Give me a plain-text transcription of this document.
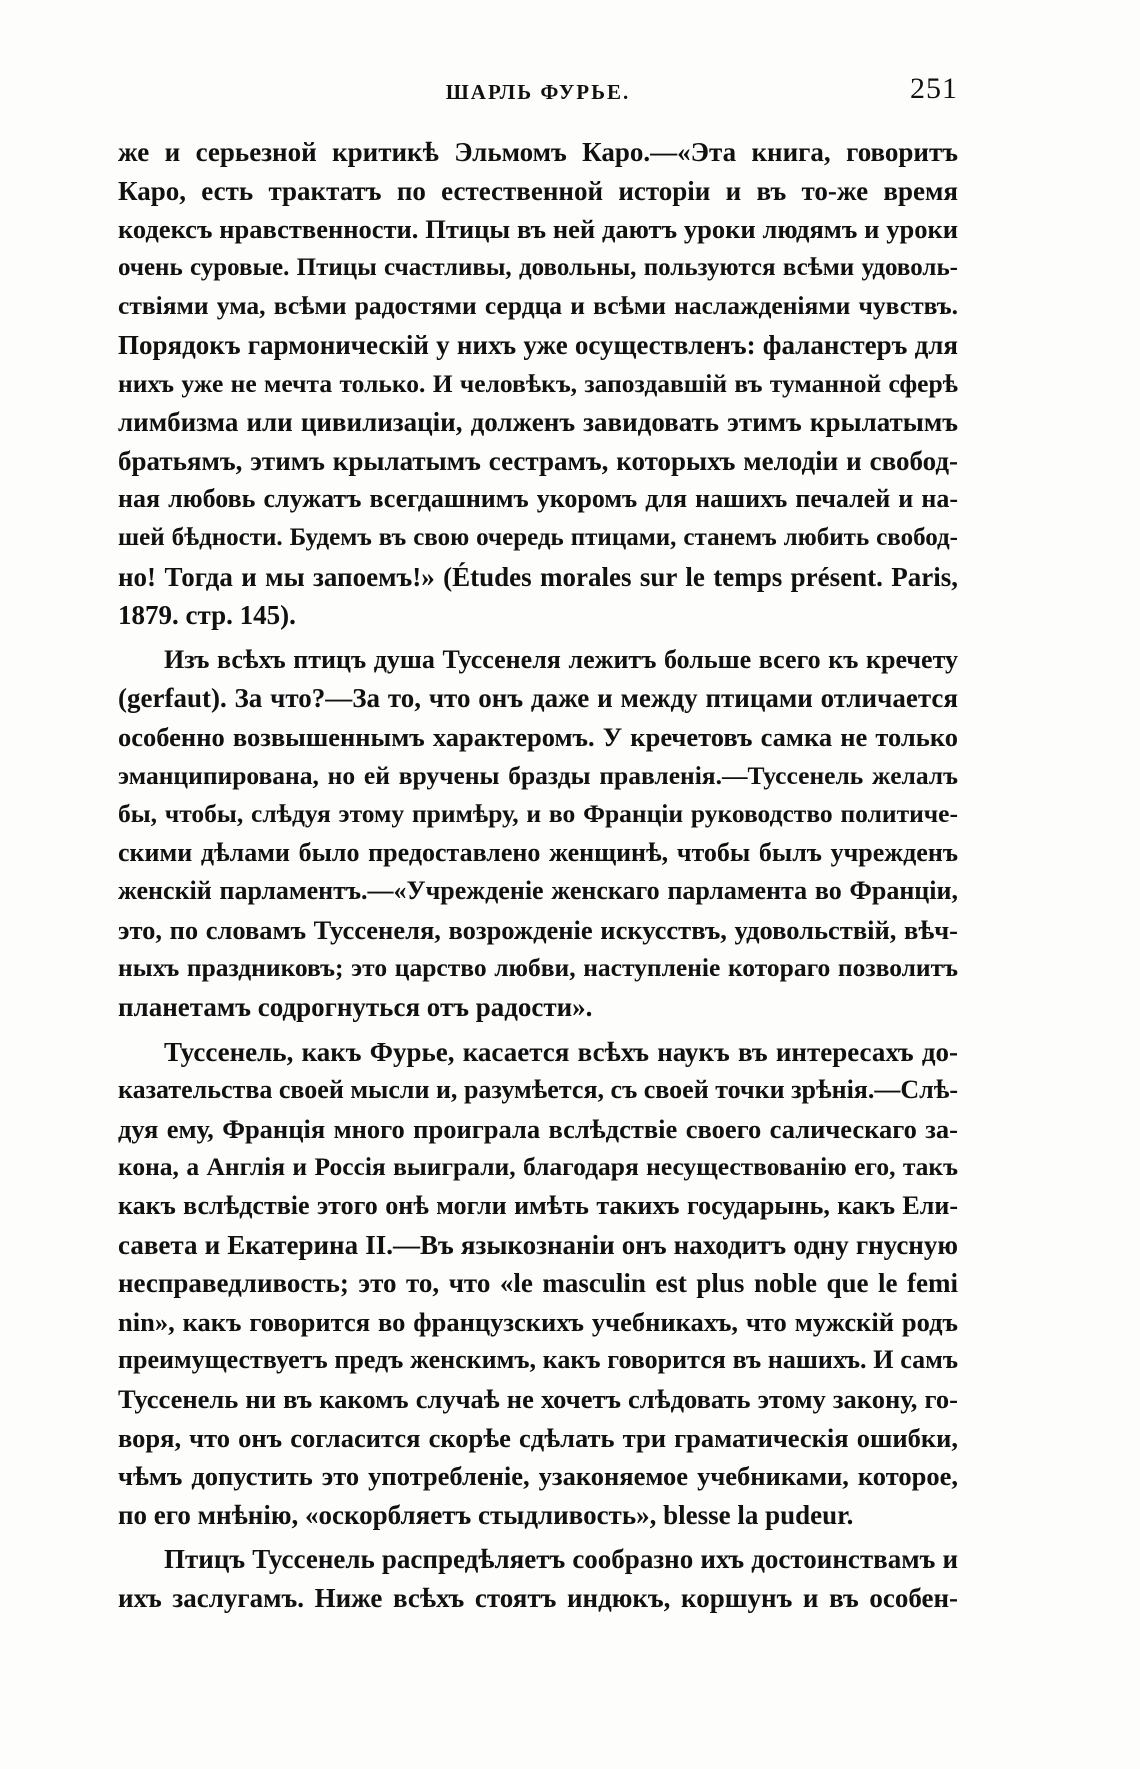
ШАРЛЬ ФУРЬЕ.	251
же и серьезной критикѣ Эльмомъ Каро.—«Эта книга, говоритъ
Каро, есть трактатъ по естественной исторіи и въ то-же время
кодексъ нравственности. Птицы въ ней даютъ уроки людямъ и уроки
очень суровые. Птицы счастливы, довольны, пользуются всѣми удоволь-
ствіями ума, всѣми радостями сердца и всѣми наслажденіями чувствъ.
Порядокъ гармоническій у нихъ уже осуществленъ: фаланстеръ для
нихъ уже не мечта только. И человѣкъ, запоздавшій въ туманной сферѣ
лимбизма или цивилизаціи, долженъ завидовать этимъ крылатымъ
братьямъ, этимъ крылатымъ сестрамъ, которыхъ мелодіи и свобод-
ная любовь служатъ всегдашнимъ укоромъ для нашихъ печалей и на-
шей бѣдности. Будемъ въ свою очередь птицами, станемъ любить свобод-
но! Тогда и мы запоемъ!» (Études morales sur le temps présent. Paris,
1879. стр. 145).
Изъ всѣхъ птицъ душа Туссенеля лежитъ больше всего къ кречету
(gerfaut). За что?—За то, что онъ даже и между птицами отличается
особенно возвышеннымъ характеромъ. У кречетовъ самка не только
эманципирована, но ей вручены бразды правленія.—Туссенель желалъ
бы, чтобы, слѣдуя этому примѣру, и во Франціи руководство политиче-
скими дѣлами было предоставлено женщинѣ, чтобы былъ учрежденъ
женскій парламентъ.—«Учрежденіе женскаго парламента во Франціи,
это, по словамъ Туссенеля, возрожденіе искусствъ, удовольствій, вѣч-
ныхъ праздниковъ; это царство любви, наступленіе котораго позволитъ
планетамъ содрогнуться отъ радости».
Туссенель, какъ Фурье, касается всѣхъ наукъ въ интересахъ до-
казательства своей мысли и, разумѣется, съ своей точки зрѣнія.—Слѣ-
дуя ему, Франція много проиграла вслѣдствіе своего салическаго за-
кона, а Англія и Россія выиграли, благодаря несуществованію его, такъ
какъ вслѣдствіе этого онѣ могли имѣть такихъ государынь, какъ Ели-
савета и Екатерина II.—Въ языкознаніи онъ находитъ одну гнусную
несправедливость; это то, что «le masculin est plus noble que le femi
nin», какъ говорится во французскихъ учебникахъ, что мужскій родъ
преимуществуетъ предъ женскимъ, какъ говорится въ нашихъ. И самъ
Туссенель ни въ какомъ случаѣ не хочетъ слѣдовать этому закону, го-
воря, что онъ согласится скорѣе сдѣлать три граматическія ошибки,
чѣмъ допустить это употребленіе, узаконяемое учебниками, которое,
по его мнѣнію, «оскорбляетъ стыдливость», blesse la pudeur.
Птицъ Туссенель распредѣляетъ сообразно ихъ достоинствамъ и
ихъ заслугамъ. Ниже всѣхъ стоятъ индюкъ, коршунъ и въ особен-
